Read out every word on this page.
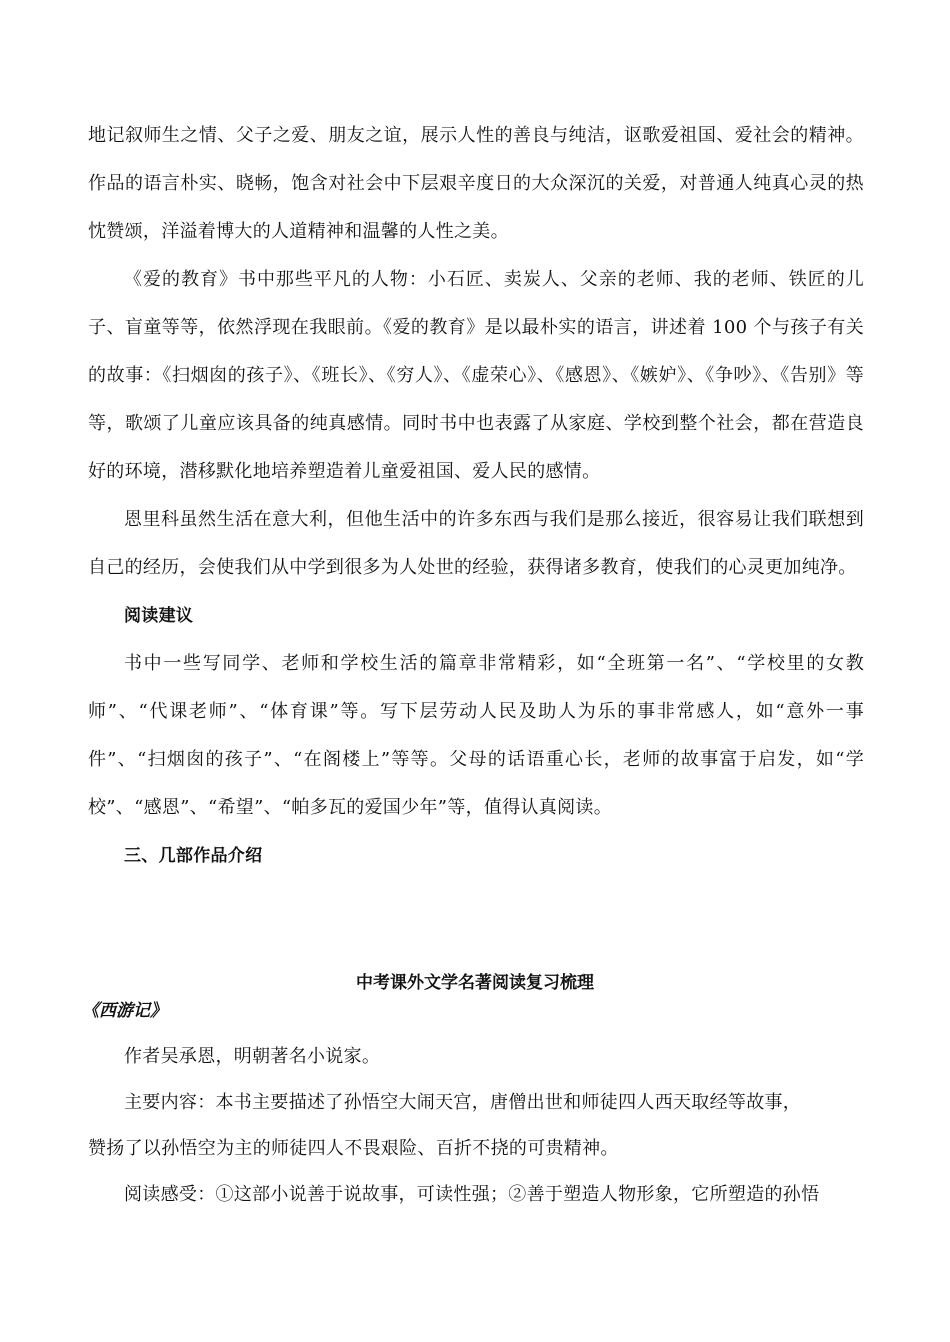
地记叙师生之情、父子之爱、朋友之谊，展示人性的善良与纯洁，讴歌爱祖国、爱社会的精神。作品的语言朴实、晓畅，饱含对社会中下层艰辛度日的大众深沉的关爱，对普通人纯真心灵的热忱赞颂，洋溢着博大的人道精神和温馨的人性之美。

《爱的教育》书中那些平凡的人物：小石匠、卖炭人、父亲的老师、我的老师、铁匠的儿子、盲童等等，依然浮现在我眼前。《爱的教育》是以最朴实的语言，讲述着 100 个与孩子有关的故事：《扫烟囱的孩子》、《班长》、《穷人》、《虚荣心》、《感恩》、《嫉妒》、《争吵》、《告别》等等，歌颂了儿童应该具备的纯真感情。同时书中也表露了从家庭、学校到整个社会，都在营造良好的环境，潜移默化地培养塑造着儿童爱祖国、爱人民的感情。

恩里科虽然生活在意大利，但他生活中的许多东西与我们是那么接近，很容易让我们联想到自己的经历，会使我们从中学到很多为人处世的经验，获得诸多教育，使我们的心灵更加纯净。

阅读建议

书中一些写同学、老师和学校生活的篇章非常精彩，如“全班第一名”、“学校里的女教师”、“代课老师”、“体育课”等。写下层劳动人民及助人为乐的事非常感人，如“意外一事件”、“扫烟囱的孩子”、“在阁楼上”等等。父母的话语重心长，老师的故事富于启发，如“学校”、“感恩”、“希望”、“帕多瓦的爱国少年”等，值得认真阅读。

三、几部作品介绍

中考课外文学名著阅读复习梳理
《西游记》

作者吴承恩，明朝著名小说家。

主要内容：本书主要描述了孙悟空大闹天宫，唐僧出世和师徒四人西天取经等故事，

赞扬了以孙悟空为主的师徒四人不畏艰险、百折不挠的可贵精神。

阅读感受：①这部小说善于说故事，可读性强；②善于塑造人物形象，它所塑造的孙悟
